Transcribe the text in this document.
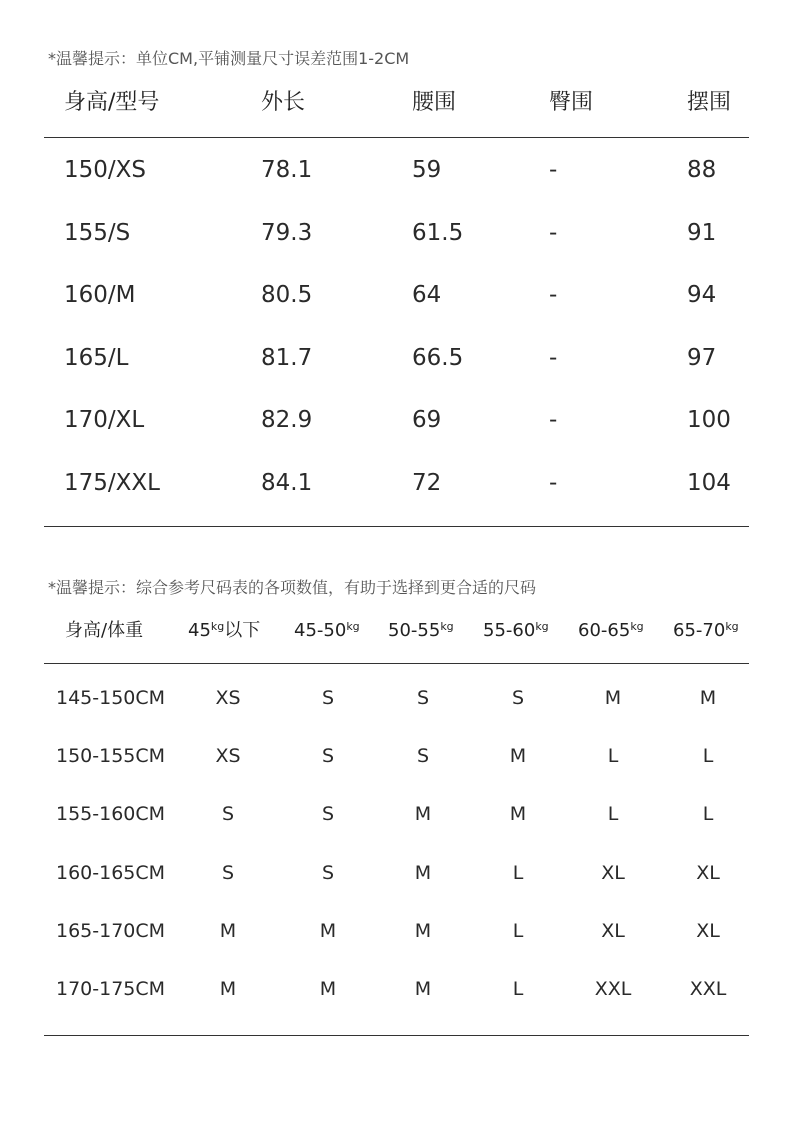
*温馨提示：单位CM,平铺测量尺寸误差范围1-2CM
身高/型号	外长	腰围	臀围	摆围
150/XS	78.1	59	-	88
155/S	79.3	61.5	-	91
160/M	80.5	64	-	94
165/L	81.7	66.5	-	97
170/XL	82.9	69	-	100
175/XXL	84.1	72	-	104
*温馨提示：综合参考尺码表的各项数值，有助于选择到更合适的尺码
身高/体重 $45^{kg}$以下 $45-50^{kg}$ $50-55^{kg}$ $55-60^{kg}$ $60-65^{kg}$ $65-70^{kg}$
145-150CM	XS	S	S	S	M	M
150-155CM	XS	S	S	M	L	L
155-160CM	S	S	M	M	L	L
160-165CM	S	S	M	L	XL	XL
165-170CM	M	M	M	L	XL	XL
170-175CM	M	M	M	L	XXL	XXL
